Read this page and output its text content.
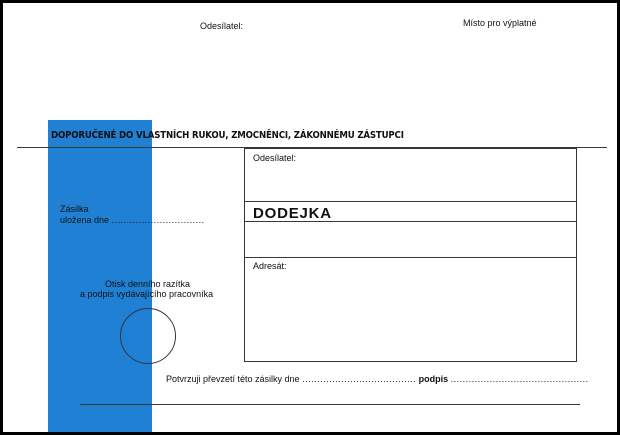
Odesílatel:	Místo pro výplatné
DOPORUČENÉ DO VLASTNÍCH RUKOU, ZMOCNĚNCI, ZÁKONNÉMU ZÁSTUPCI
Zásilka
uložena dne ...............................
Otisk denního razítka
a podpis vydávajícího pracovníka
Odesílatel:
DODEJKA
Adresát:
Potvrzuji převzetí této zásilky dne ...................................... podpis ..............................................
